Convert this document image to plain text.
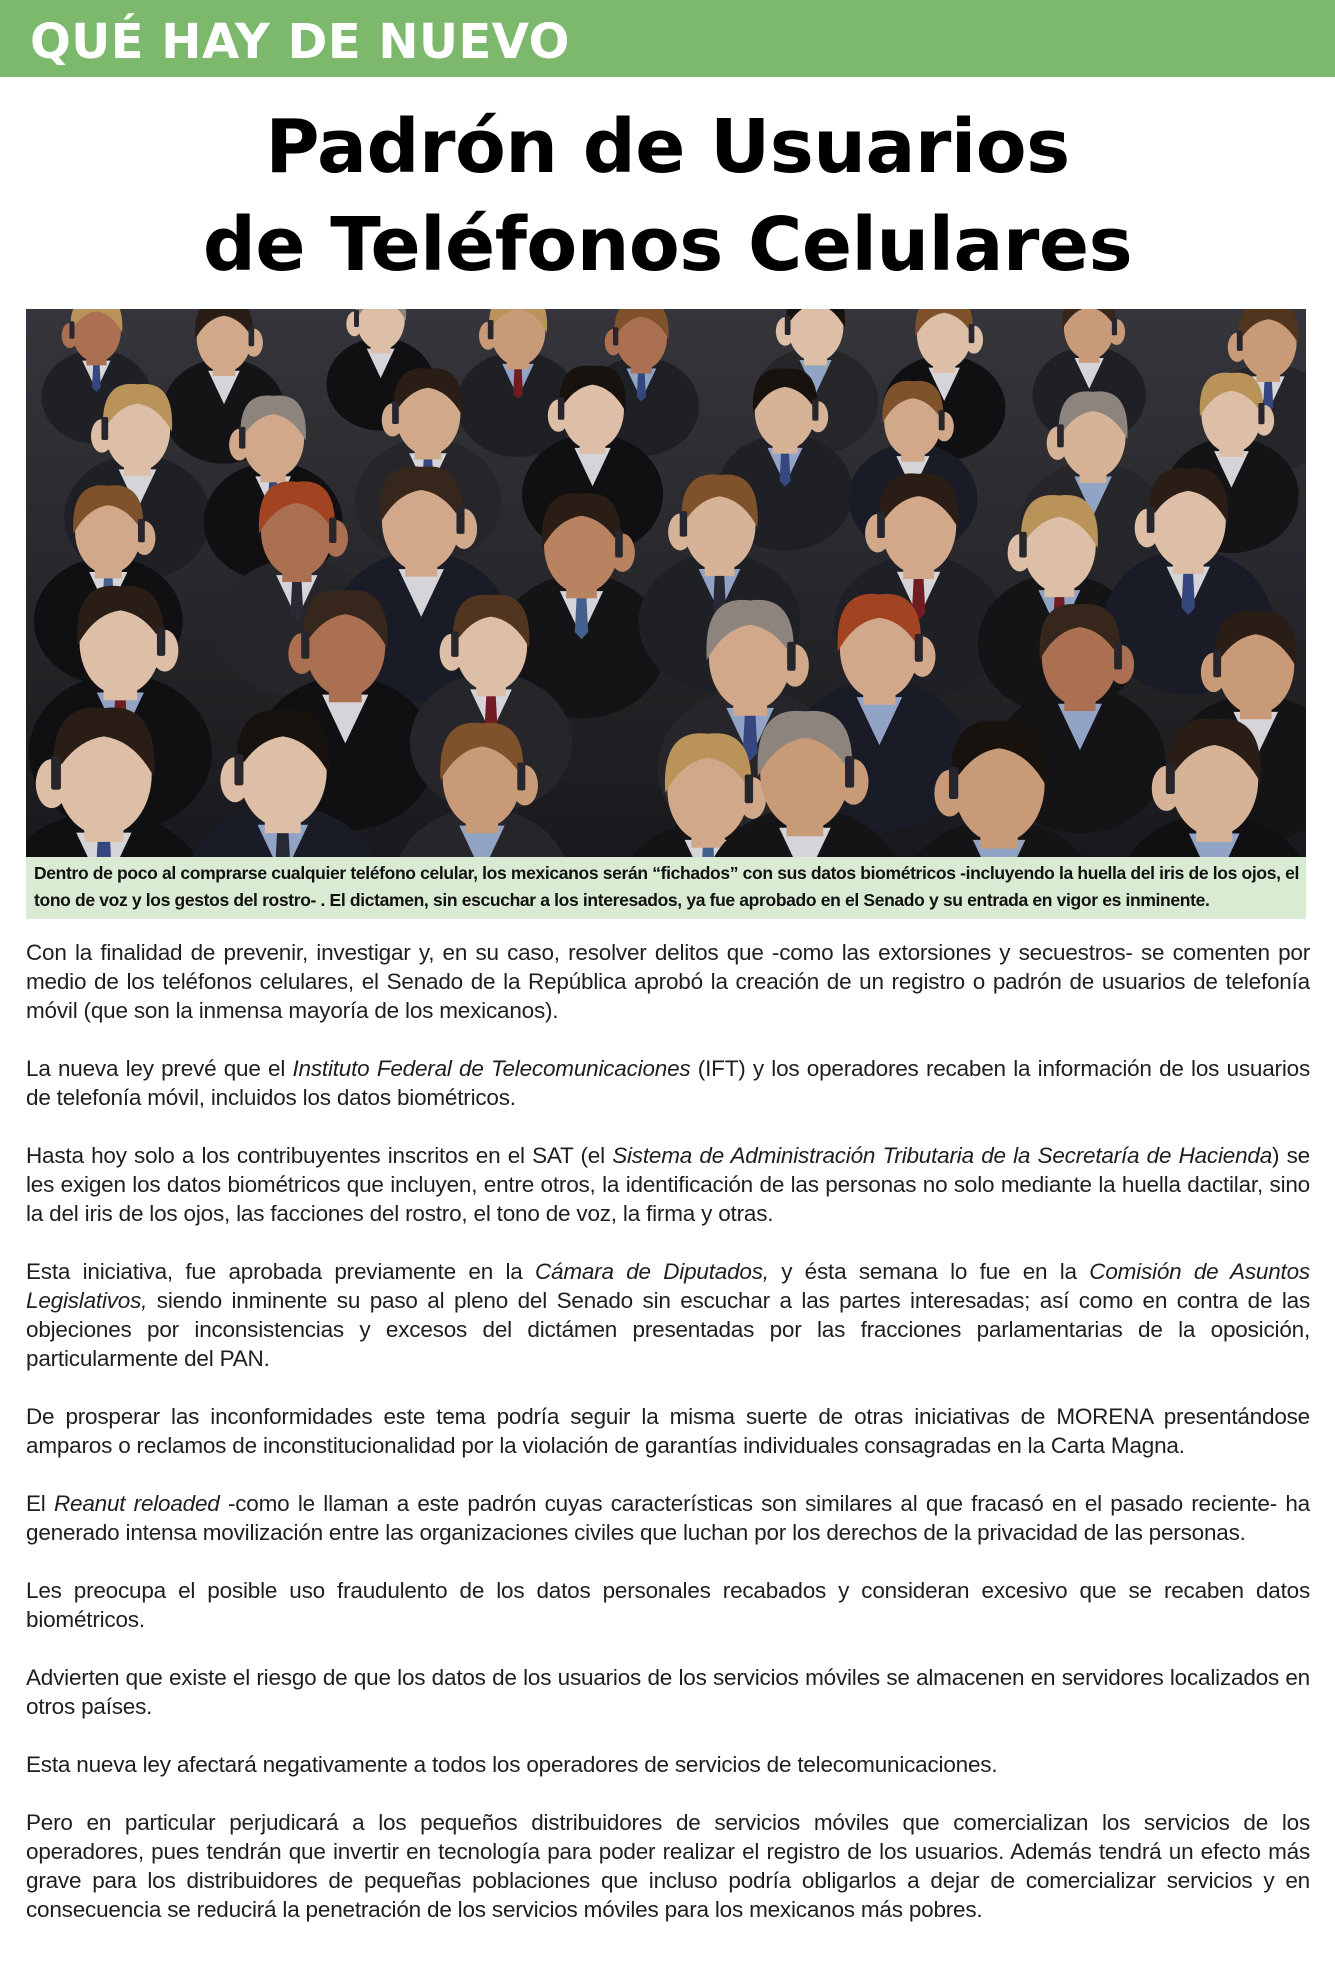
QUÉ HAY DE NUEVO
Padrón de Usuarios
de Teléfonos Celulares
Dentro de poco al comprarse cualquier teléfono celular, los mexicanos serán “fichados” con sus datos biométricos -incluyendo la huella del iris de los ojos, el tono de voz y los gestos del rostro- . El dictamen, sin escuchar a los interesados, ya fue aprobado en el Senado y su entrada en vigor es inminente.

Con la finalidad de prevenir, investigar y, en su caso, resolver delitos que -como las extorsiones y secuestros- se comenten por medio de los teléfonos celulares, el Senado de la República aprobó la creación de un registro o padrón de usuarios de telefonía móvil (que son la inmensa mayoría de los mexicanos).

La nueva ley prevé que el Instituto Federal de Telecomunicaciones (IFT) y los operadores recaben la información de los usuarios de telefonía móvil, incluidos los datos biométricos.

Hasta hoy solo a los contribuyentes inscritos en el SAT (el Sistema de Administración Tributaria de la Secretaría de Hacienda) se les exigen los datos biométricos que incluyen, entre otros, la identificación de las personas no solo mediante la huella dactilar, sino la del iris de los ojos, las facciones del rostro, el tono de voz, la firma y otras.

Esta iniciativa, fue aprobada previamente en la Cámara de Diputados, y ésta semana lo fue en la Comisión de Asuntos Legislativos, siendo inminente su paso al pleno del Senado sin escuchar a las partes interesadas; así como en contra de las objeciones por inconsistencias y excesos del dictámen presentadas por las fracciones parlamentarias de la oposición, particularmente del PAN.

De prosperar las inconformidades este tema podría seguir la misma suerte de otras iniciativas de MORENA presentándose amparos o reclamos de inconstitucionalidad por la violación de garantías individuales consagradas en la Carta Magna.

El Reanut reloaded -como le llaman a este padrón cuyas características son similares al que fracasó en el pasado reciente- ha generado intensa movilización entre las organizaciones civiles que luchan por los derechos de la privacidad de las personas.

Les preocupa el posible uso fraudulento de los datos personales recabados y consideran excesivo que se recaben datos biométricos.

Advierten que existe el riesgo de que los datos de los usuarios de los servicios móviles se almacenen en servidores localizados en otros países.

Esta nueva ley afectará negativamente a todos los operadores de servicios de telecomunicaciones.

Pero en particular perjudicará a los pequeños distribuidores de servicios móviles que comercializan los servicios de los operadores, pues tendrán que invertir en tecnología para poder realizar el registro de los usuarios. Además tendrá un efecto más grave para los distribuidores de pequeñas poblaciones que incluso podría obligarlos a dejar de comercializar servicios y en consecuencia se reducirá la penetración de los servicios móviles para los mexicanos más pobres.
